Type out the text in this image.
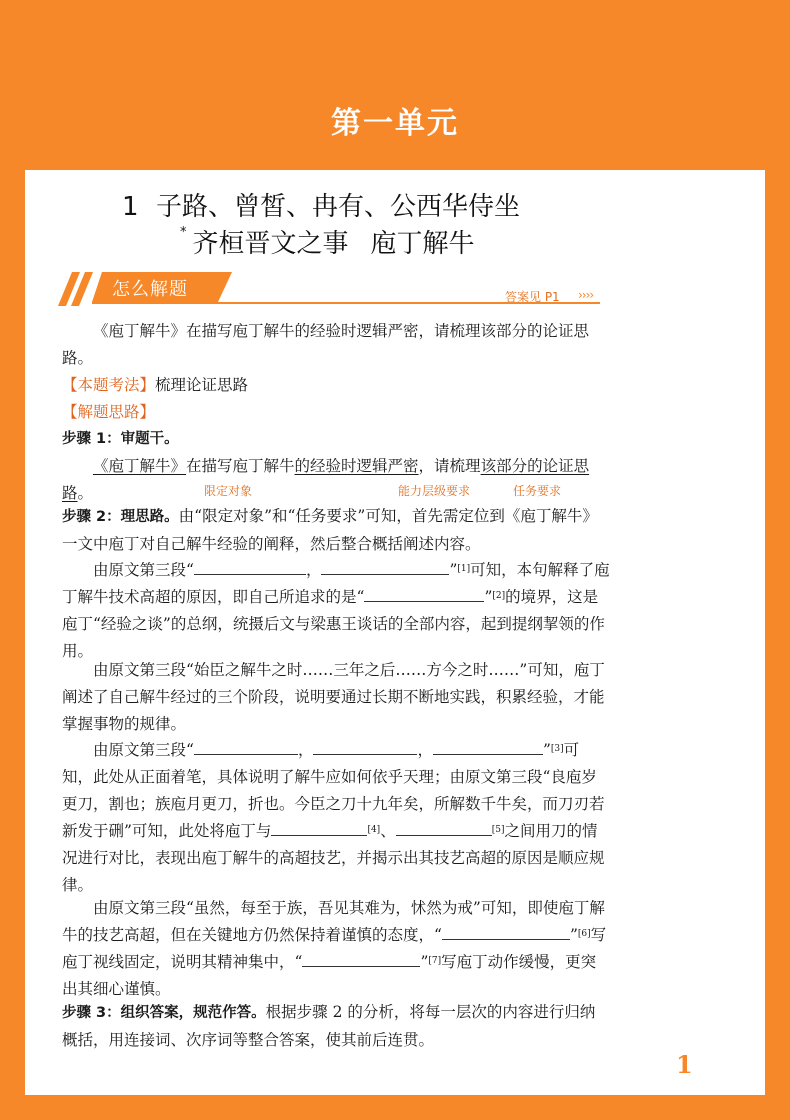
第一单元
1 子路、曾皙、冉有、公西华侍坐
* 齐桓晋文之事 庖丁解牛
怎么解题	答案见 P1 ››››
《庖丁解牛》在描写庖丁解牛的经验时逻辑严密，请梳理该部分的论证思路。
【本题考法】梳理论证思路
【解题思路】
步骤 1：审题干。
《庖丁解牛》在描写庖丁解牛的经验时逻辑严密，请梳理该部分的论证思路。	限定对象	能力层级要求	任务要求
步骤 2：理思路。由“限定对象”和“任务要求”可知，首先需定位到《庖丁解牛》一文中庖丁对自己解牛经验的阐释，然后整合概括阐述内容。
由原文第三段“	，	”[1]可知，本句解释了庖丁解牛技术高超的原因，即自己所追求的是“	”[2]的境界，这是庖丁“经验之谈”的总纲，统摄后文与梁惠王谈话的全部内容，起到提纲挈领的作用。
由原文第三段“始臣之解牛之时……三年之后……方今之时……”可知，庖丁阐述了自己解牛经过的三个阶段，说明要通过长期不断地实践，积累经验，才能掌握事物的规律。
由原文第三段“	，	，	”[3]可知，此处从正面着笔，具体说明了解牛应如何依乎天理；由原文第三段“良庖岁更刀，割也；族庖月更刀，折也。今臣之刀十九年矣，所解数千牛矣，而刀刃若新发于硎”可知，此处将庖丁与	[4]、	[5]之间用刀的情况进行对比，表现出庖丁解牛的高超技艺，并揭示出其技艺高超的原因是顺应规律。
由原文第三段“虽然，每至于族，吾见其难为，怵然为戒”可知，即使庖丁解牛的技艺高超，但在关键地方仍然保持着谨慎的态度，“	”[6]写庖丁视线固定，说明其精神集中，“	”[7]写庖丁动作缓慢，更突出其细心谨慎。
步骤 3：组织答案，规范作答。根据步骤 2 的分析，将每一层次的内容进行归纳概括，用连接词、次序词等整合答案，使其前后连贯。
1
